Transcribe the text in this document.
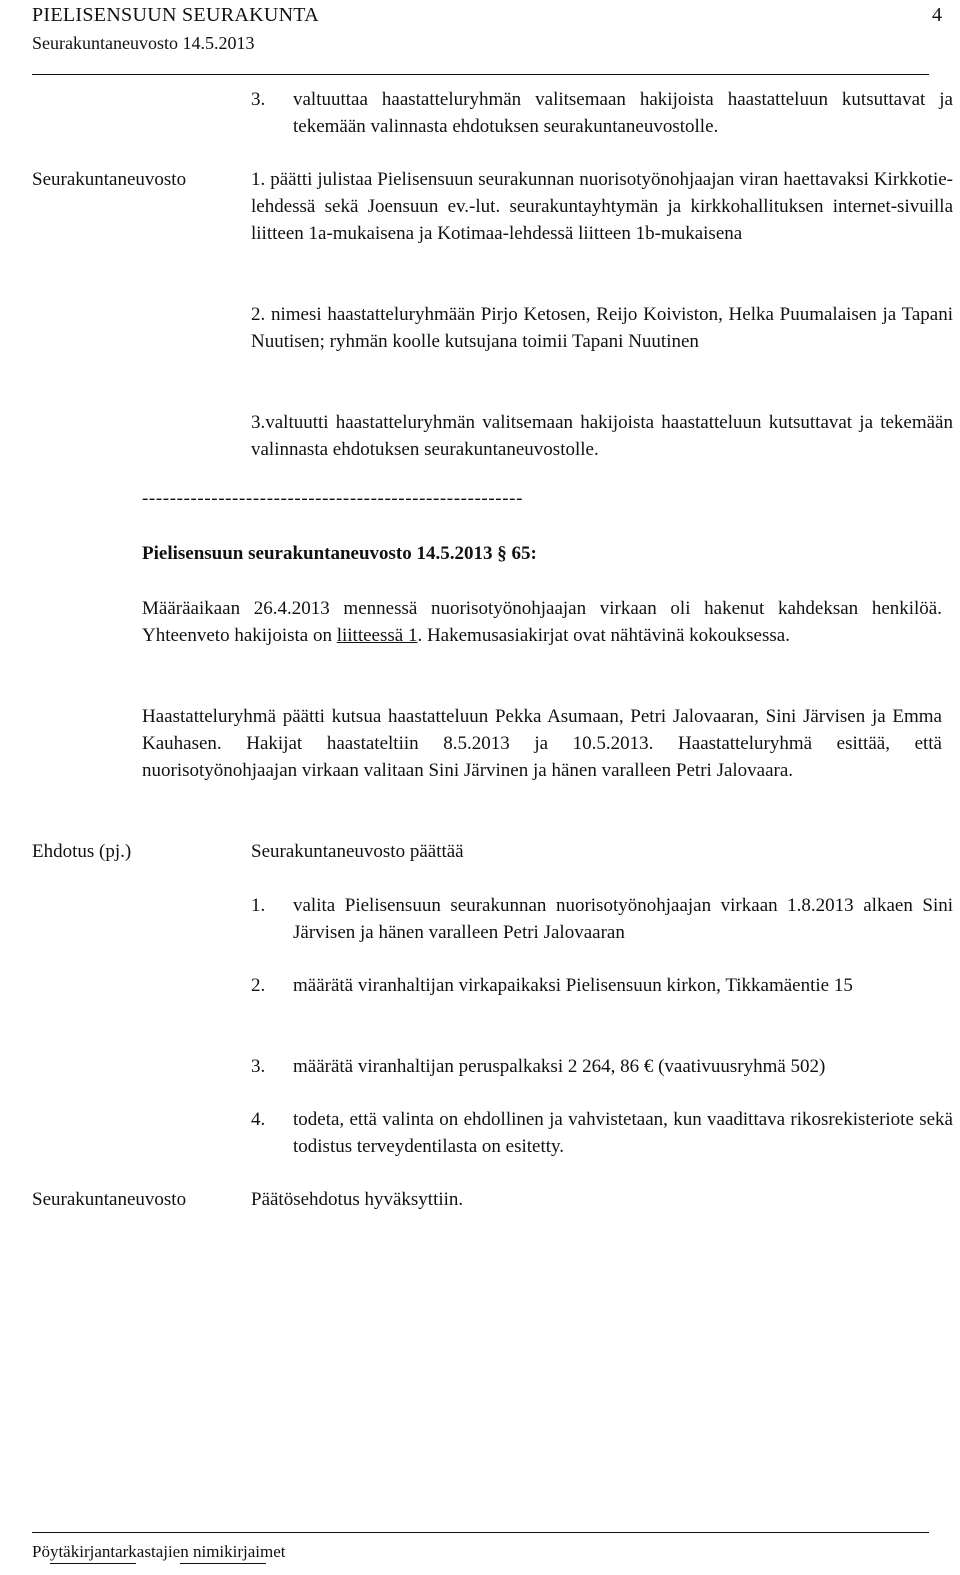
PIELISENSUUN SEURAKUNTA	4
Seurakuntaneuvosto 14.5.2013
3.	valtuuttaa haastatteluryhmän valitsemaan hakijoista haastatteluun kutsuttavat ja tekemään valinnasta ehdotuksen seurakuntaneuvostolle.
Seurakuntaneuvosto	1. päätti julistaa Pielisensuun seurakunnan nuorisotyönohjaajan viran haettavaksi Kirkkotie-lehdessä sekä Joensuun ev.-lut. seurakuntayhtymän ja kirkkohallituksen internet-sivuilla liitteen 1a-mukaisena ja Kotimaa-lehdessä liitteen 1b-mukaisena

2. nimesi haastatteluryhmään Pirjo Ketosen, Reijo Koiviston, Helka Puumalaisen ja Tapani Nuutisen; ryhmän koolle kutsujana toimii Tapani Nuutinen

3.valtuutti haastatteluryhmän valitsemaan hakijoista haastatteluun kutsuttavat ja tekemään valinnasta ehdotuksen seurakuntaneuvostolle.

-------------------------------------------------------
Pielisensuun seurakuntaneuvosto 14.5.2013 § 65:

Määräaikaan 26.4.2013 mennessä nuorisotyönohjaajan virkaan oli hakenut kahdeksan henkilöä. Yhteenveto hakijoista on liitteessä 1. Hakemusasiakirjat ovat nähtävinä kokouksessa.

Haastatteluryhmä päätti kutsua haastatteluun Pekka Asumaan, Petri Jalovaaran, Sini Järvisen ja Emma Kauhasen. Hakijat haastateltiin 8.5.2013 ja 10.5.2013. Haastatteluryhmä esittää, että nuorisotyönohjaajan virkaan valitaan Sini Järvinen ja hänen varalleen Petri Jalovaara.

Ehdotus (pj.)	Seurakuntaneuvosto päättää
1.	valita Pielisensuun seurakunnan nuorisotyönohjaajan virkaan 1.8.2013 alkaen Sini Järvisen ja hänen varalleen Petri Jalovaaran
2.	määrätä viranhaltijan virkapaikaksi Pielisensuun kirkon, Tikkamäentie 15
3.	määrätä viranhaltijan peruspalkaksi 2 264, 86 € (vaativuusryhmä 502)
4.	todeta, että valinta on ehdollinen ja vahvistetaan, kun vaadittava rikosrekisteriote sekä todistus terveydentilasta on esitetty.
Seurakuntaneuvosto	Päätösehdotus hyväksyttiin.
Pöytäkirjantarkastajien nimikirjaimet
